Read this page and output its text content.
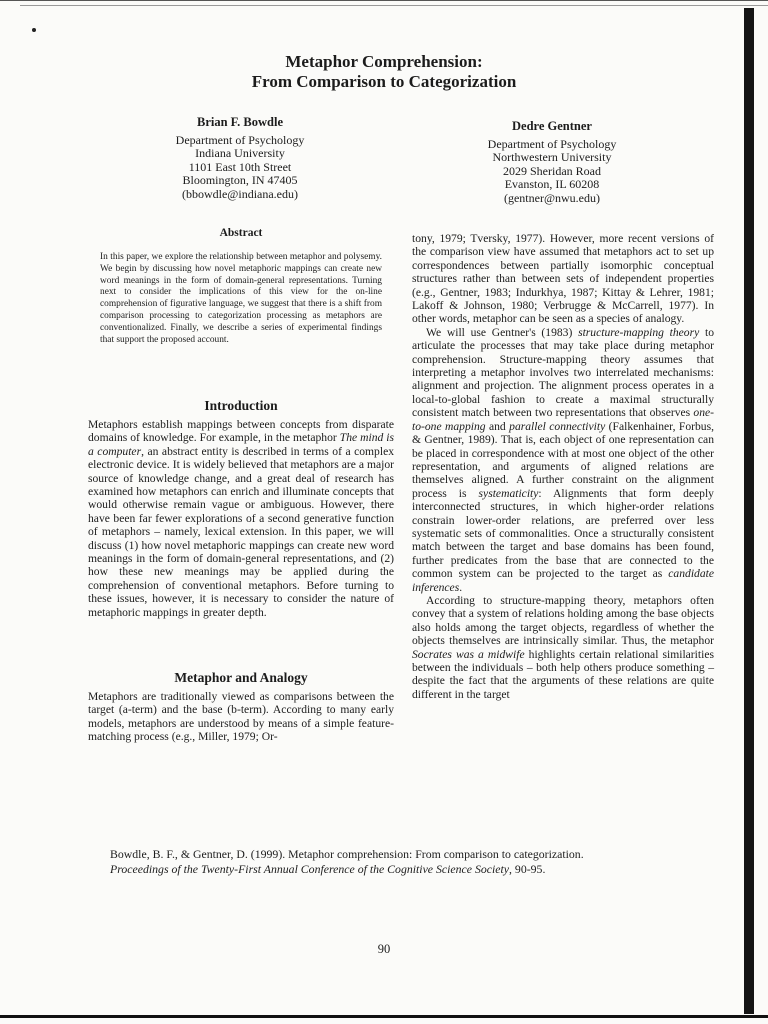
Metaphor Comprehension:
From Comparison to Categorization
Brian F. Bowdle
Department of Psychology
Indiana University
1101 East 10th Street
Bloomington, IN 47405
(bbowdle@indiana.edu)
Dedre Gentner
Department of Psychology
Northwestern University
2029 Sheridan Road
Evanston, IL 60208
(gentner@nwu.edu)
Abstract

In this paper, we explore the relationship between metaphor and polysemy. We begin by discussing how novel metaphoric mappings can create new word meanings in the form of domain-general representations. Turning next to consider the implications of this view for the on-line comprehension of figurative language, we suggest that there is a shift from comparison processing to categorization processing as metaphors are conventionalized. Finally, we describe a series of experimental findings that support the proposed account.

Introduction

Metaphors establish mappings between concepts from disparate domains of knowledge. For example, in the metaphor The mind is a computer, an abstract entity is described in terms of a complex electronic device. It is widely believed that metaphors are a major source of knowledge change, and a great deal of research has examined how metaphors can enrich and illuminate concepts that would otherwise remain vague or ambiguous. However, there have been far fewer explorations of a second generative function of metaphors – namely, lexical extension. In this paper, we will discuss (1) how novel metaphoric mappings can create new word meanings in the form of domain-general representations, and (2) how these new meanings may be applied during the comprehension of conventional metaphors. Before turning to these issues, however, it is necessary to consider the nature of metaphoric mappings in greater depth.

Metaphor and Analogy

Metaphors are traditionally viewed as comparisons between the target (a-term) and the base (b-term). According to many early models, metaphors are understood by means of a simple feature-matching process (e.g., Miller, 1979; Or-

tony, 1979; Tversky, 1977). However, more recent versions of the comparison view have assumed that metaphors act to set up correspondences between partially isomorphic conceptual structures rather than between sets of independent properties (e.g., Gentner, 1983; Indurkhya, 1987; Kittay & Lehrer, 1981; Lakoff & Johnson, 1980; Verbrugge & McCarrell, 1977). In other words, metaphor can be seen as a species of analogy.

We will use Gentner's (1983) structure-mapping theory to articulate the processes that may take place during metaphor comprehension. Structure-mapping theory assumes that interpreting a metaphor involves two interrelated mechanisms: alignment and projection. The alignment process operates in a local-to-global fashion to create a maximal structurally consistent match between two representations that observes one-to-one mapping and parallel connectivity (Falkenhainer, Forbus, & Gentner, 1989). That is, each object of one representation can be placed in correspondence with at most one object of the other representation, and arguments of aligned relations are themselves aligned. A further constraint on the alignment process is systematicity: Alignments that form deeply interconnected structures, in which higher-order relations constrain lower-order relations, are preferred over less systematic sets of commonalities. Once a structurally consistent match between the target and base domains has been found, further predicates from the base that are connected to the common system can be projected to the target as candidate inferences.

According to structure-mapping theory, metaphors often convey that a system of relations holding among the base objects also holds among the target objects, regardless of whether the objects themselves are intrinsically similar. Thus, the metaphor Socrates was a midwife highlights certain relational similarities between the individuals – both help others produce something – despite the fact that the arguments of these relations are quite different in the target

Bowdle, B. F., & Gentner, D. (1999). Metaphor comprehension: From comparison to categorization. Proceedings of the Twenty-First Annual Conference of the Cognitive Science Society, 90-95.
90
